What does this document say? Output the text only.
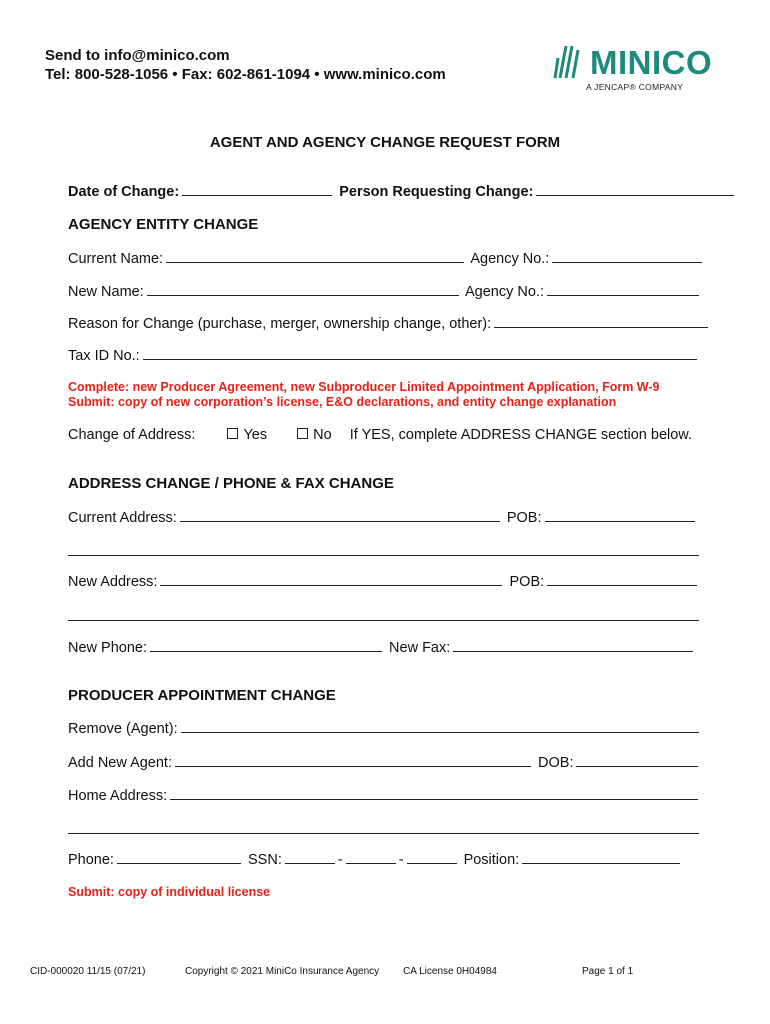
Send to info@minico.com
Tel: 800-528-1056 • Fax: 602-861-1094 • www.minico.com	MINICO
A JENCAP® COMPANY
AGENT AND AGENCY CHANGE REQUEST FORM
Date of Change:	Person Requesting Change:
AGENCY ENTITY CHANGE
Current Name:	Agency No.:
New Name:	Agency No.:
Reason for Change (purchase, merger, ownership change, other):
Tax ID No.:
Complete: new Producer Agreement, new Subproducer Limited Appointment Application, Form W-9
Submit: copy of new corporation’s license, E&O declarations, and entity change explanation
Change of Address:	Yes	No If YES, complete ADDRESS CHANGE section below.
ADDRESS CHANGE / PHONE & FAX CHANGE
Current Address:	POB:
New Address:	POB:
New Phone:	New Fax:
PRODUCER APPOINTMENT CHANGE
Remove (Agent):
Add New Agent:	DOB:
Home Address:
Phone:	SSN:	-	-	Position:
Submit: copy of individual license
CID-000020 11/15 (07/21)	Copyright © 2021 MiniCo Insurance Agency CA License 0H04984	Page 1 of 1
